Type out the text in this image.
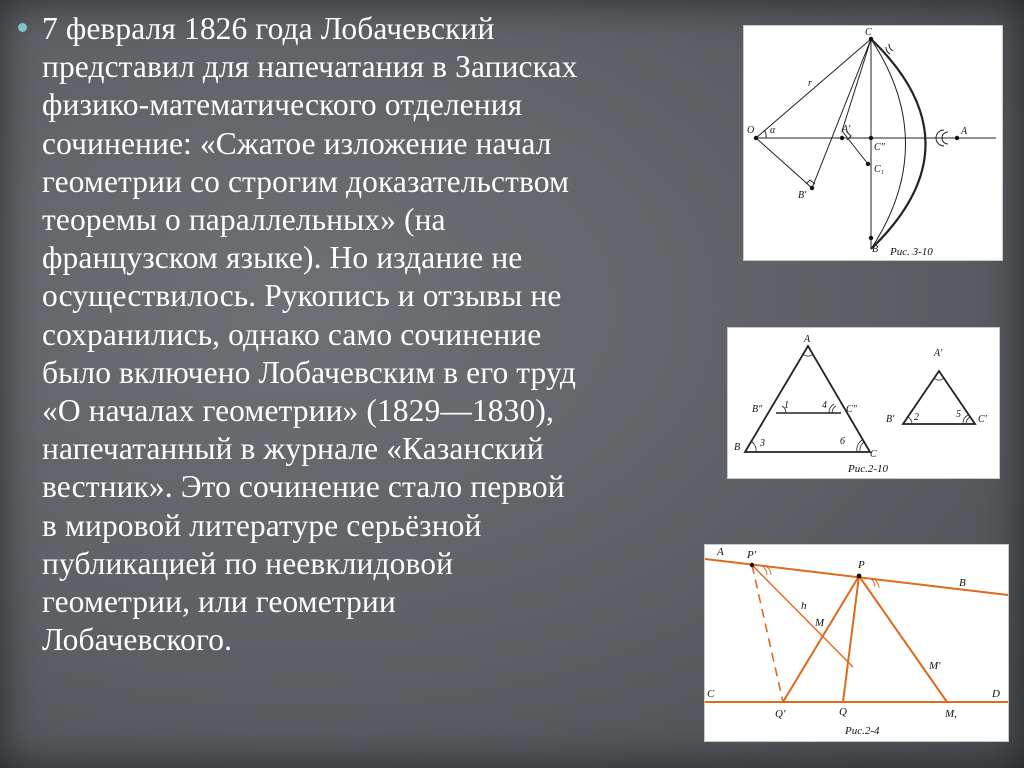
7 февраля 1826 года Лобачевский
представил для напечатания в Записках
физико-математического отделения
сочинение: «Сжатое изложение начал
геометрии со строгим доказательством
теоремы о параллельных» (на
французском языке). Но издание не
осуществилось. Рукопись и отзывы не
сохранились, однако само сочинение
было включено Лобачевским в его труд
«О началах геометрии» (1829—1830),
напечатанный в журнале «Казанский
вестник». Это сочинение стало первой
в мировой литературе серьёзной
публикацией по неевклидовой
геометрии, или геометрии
Лобачевского.

C
r
O α	A'
C"
A
C₁
B'
B Рис. 3-10
A
B" 1	4 C"
B 3	6
C
A'
B' 2	5 C'
Рис.2-10
A P'
P
B
h
M
M'
C	D
Q'	Q	M,
Рис.2-4
